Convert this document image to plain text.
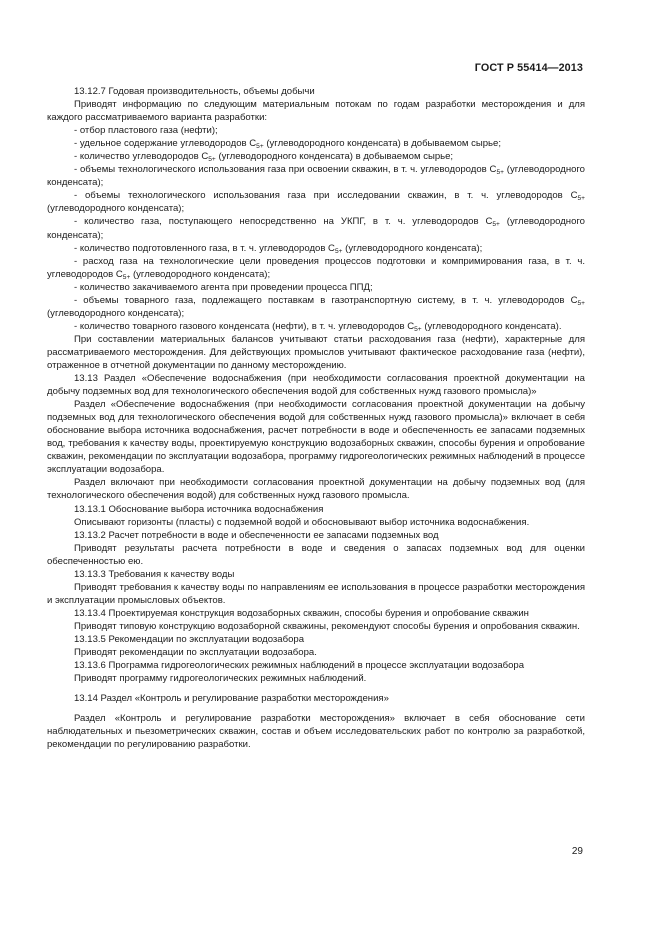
ГОСТ Р 55414—2013

13.12.7 Годовая производительность, объемы добычи

Приводят информацию по следующим материальным потокам по годам разработки месторождения и для каждого рассматриваемого варианта разработки:

- отбор пластового газа (нефти);

- удельное содержание углеводородов $C_{5+}$ (углеводородного конденсата) в добываемом сырье;

- количество углеводородов $C_{5+}$ (углеводородного конденсата) в добываемом сырье;

- объемы технологического использования газа при освоении скважин, в т. ч. углеводородов $C_{5+}$ (углеводородного конденсата);

- объемы технологического использования газа при исследовании скважин, в т. ч. углеводородов $C_{5+}$ (углеводородного конденсата);

- количество газа, поступающего непосредственно на УКПГ, в т. ч. углеводородов $C_{5+}$ (углеводородного конденсата);

- количество подготовленного газа, в т. ч. углеводородов $C_{5+}$ (углеводородного конденсата);

- расход газа на технологические цели проведения процессов подготовки и компримирования газа, в т. ч. углеводородов $C_{5+}$ (углеводородного конденсата);

- количество закачиваемого агента при проведении процесса ППД;

- объемы товарного газа, подлежащего поставкам в газотранспортную систему, в т. ч. углеводородов $C_{5+}$ (углеводородного конденсата);

- количество товарного газового конденсата (нефти), в т. ч. углеводородов $C_{5+}$ (углеводородного конденсата).

При составлении материальных балансов учитывают статьи расходования газа (нефти), характерные для рассматриваемого месторождения. Для действующих промыслов учитывают фактическое расходование газа (нефти), отраженное в отчетной документации по данному месторождению.

13.13 Раздел «Обеспечение водоснабжения (при необходимости согласования проектной документации на добычу подземных вод для технологического обеспечения водой для собственных нужд газового промысла)»

Раздел «Обеспечение водоснабжения (при необходимости согласования проектной документации на добычу подземных вод для технологического обеспечения водой для собственных нужд газового промысла)» включает в себя обоснование выбора источника водоснабжения, расчет потребности в воде и обеспеченность ее запасами подземных вод, требования к качеству воды, проектируемую конструкцию водозаборных скважин, способы бурения и опробование скважин, рекомендации по эксплуатации водозабора, программу гидрогеологических режимных наблюдений в процессе эксплуатации водозабора.

Раздел включают при необходимости согласования проектной документации на добычу подземных вод (для технологического обеспечения водой) для собственных нужд газового промысла.

13.13.1 Обоснование выбора источника водоснабжения

Описывают горизонты (пласты) с подземной водой и обосновывают выбор источника водоснабжения.

13.13.2 Расчет потребности в воде и обеспеченности ее запасами подземных вод

Приводят результаты расчета потребности в воде и сведения о запасах подземных вод для оценки обеспеченностью ею.

13.13.3 Требования к качеству воды

Приводят требования к качеству воды по направлениям ее использования в процессе разработки месторождения и эксплуатации промысловых объектов.

13.13.4 Проектируемая конструкция водозаборных скважин, способы бурения и опробование скважин

Приводят типовую конструкцию водозаборной скважины, рекомендуют способы бурения и опробования скважин.

13.13.5 Рекомендации по эксплуатации водозабора

Приводят рекомендации по эксплуатации водозабора.

13.13.6 Программа гидрогеологических режимных наблюдений в процессе эксплуатации водозабора

Приводят программу гидрогеологических режимных наблюдений.

13.14 Раздел «Контроль и регулирование разработки месторождения»

Раздел «Контроль и регулирование разработки месторождения» включает в себя обоснование сети наблюдательных и пьезометрических скважин, состав и объем исследовательских работ по контролю за разработкой, рекомендации по регулированию разработки.

29
